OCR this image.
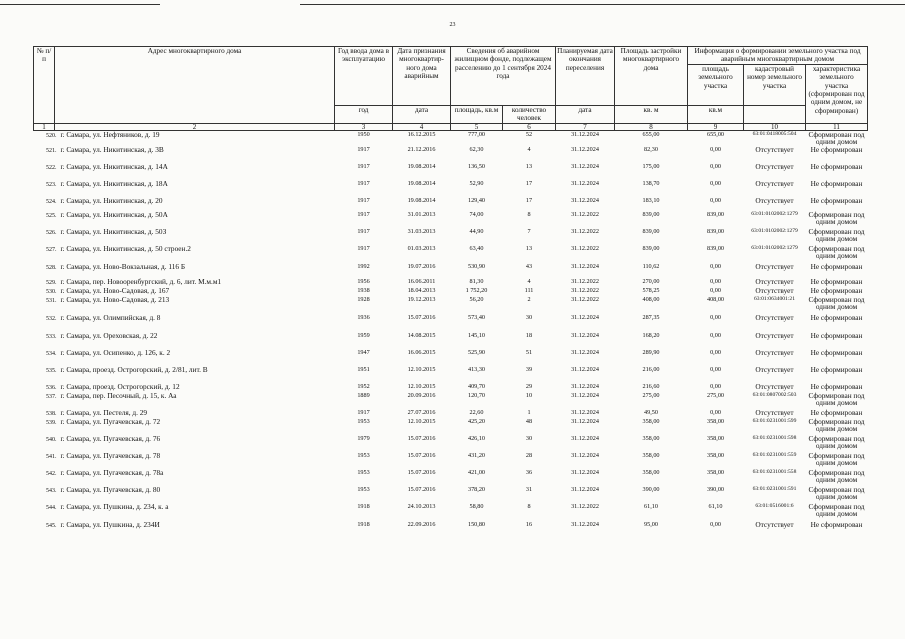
23
№ п/п	Адрес многоквартирного дома	Год ввода дома в эксплуатацию	Дата признания многоквартир-ного дома аварийным	Сведения об аварийном жилищном фонде, подлежащем расселению до 1 сентября 2024 года		Планируемая дата окончания переселения	Площадь застройки многоквартирного дома	Информация о формировании земельного участка под аварийным многоквартирным домом		
								площадь земельного участка	кадастровый номер земельного участка	характеристика земельного участка (сформирован под одним домом, не сформирован)
		год	дата	площадь, кв.м	количество человек	дата	кв. м	кв.м		
1	2	3	4	5	6	7	8	9	10	11
520. г. Самара, ул. Нефтяников, д. 19		1950	16.12.2015	777,00	52	31.12.2024	655,00	655,00	63:01:0418005:504	Сформирован под одним домом
521. г. Самара, ул. Никитинская, д. 3В		1917	21.12.2016	62,30	4	31.12.2024	82,30	0,00	Отсутствует	Не сформирован
522. г. Самара, ул. Никитинская, д. 14А		1917	19.08.2014	136,50	13	31.12.2024	175,00	0,00	Отсутствует	Не сформирован
523. г. Самара, ул. Никитинская, д. 18А		1917	19.08.2014	52,90	17	31.12.2024	138,70	0,00	Отсутствует	Не сформирован
524. г. Самара, ул. Никитинская, д. 20		1917	19.08.2014	129,40	17	31.12.2024	183,10	0,00	Отсутствует	Не сформирован
525. г. Самара, ул. Никитинская, д. 50А		1917	31.01.2013	74,00	8	31.12.2022	839,00	839,00	63:01:0102002:1279	Сформирован под одним домом
526. г. Самара, ул. Никитинская, д. 50З		1917	31.03.2013	44,90	7	31.12.2022	839,00	839,00	63:01:0102002:1279	Сформирован под одним домом
527. г. Самара, ул. Никитинская, д. 50 строен.2		1917	01.03.2013	63,40	13	31.12.2022	839,00	839,00	63:01:0102002:1279	Сформирован под одним домом
528. г. Самара, ул. Ново-Вокзальная, д. 116 Б		1992	19.07.2016	530,90	43	31.12.2024	110,62	0,00	Отсутствует	Не сформирован
529. г. Самара, пер. Новооренбургский, д. 6, лит. М.м.м1		1956	16.06.2011	81,30	4	31.12.2022	270,00	0,00	Отсутствует	Не сформирован
530. г. Самара, ул. Ново-Садовая, д. 167		1938	18.04.2013	1 752,20	111	31.12.2022	578,25	0,00	Отсутствует	Не сформирован
531. г. Самара, ул. Ново-Садовая, д. 213		1928	19.12.2013	56,20	2	31.12.2022	408,00	408,00	63:01:0634001:21	Сформирован под одним домом
532. г. Самара, ул. Олимпийская, д. 8		1936	15.07.2016	573,40	30	31.12.2024	287,35	0,00	Отсутствует	Не сформирован
533. г. Самара, ул. Ореховская, д. 22		1959	14.08.2015	145,10	18	31.12.2024	168,20	0,00	Отсутствует	Не сформирован
534. г. Самара, ул. Осипенко, д. 126, к. 2		1947	16.06.2015	525,90	51	31.12.2024	289,90	0,00	Отсутствует	Не сформирован
535. г. Самара, проезд. Острогорский, д. 2/81, лит. В		1951	12.10.2015	413,30	39	31.12.2024	216,00	0,00	Отсутствует	Не сформирован
536. г. Самара, проезд. Острогорский, д. 12		1952	12.10.2015	409,70	29	31.12.2024	216,60	0,00	Отсутствует	Не сформирован
537. г. Самара, пер. Песочный, д. 15, к. Аа		1889	20.09.2016	120,70	10	31.12.2024	275,00	275,00	63:01:0807002:503	Сформирован под одним домом
538. г. Самара, ул. Пестеля, д. 29		1917	27.07.2016	22,60	1	31.12.2024	49,50	0,00	Отсутствует	Не сформирован
539. г. Самара, ул. Пугачевская, д. 72		1953	12.10.2015	425,20	48	31.12.2024	358,00	358,00	63:01:0231001:599	Сформирован под одним домом
540. г. Самара, ул. Пугачевская, д. 76		1979	15.07.2016	426,10	30	31.12.2024	358,00	358,00	63:01:0231001:598	Сформирован под одним домом
541. г. Самара, ул. Пугачевская, д. 78		1953	15.07.2016	431,20	28	31.12.2024	358,00	358,00	63:01:0231001:559	Сформирован под одним домом
542. г. Самара, ул. Пугачевская, д. 78а		1953	15.07.2016	421,00	36	31.12.2024	358,00	358,00	63:01:0231001:558	Сформирован под одним домом
543. г. Самара, ул. Пугачевская, д. 80		1953	15.07.2016	378,20	31	31.12.2024	390,00	390,00	63:01:0231001:591	Сформирован под одним домом
544. г. Самара, ул. Пушкина, д. 234, к. а		1918	24.10.2013	58,80	8	31.12.2022	61,10	61,10	63:01:0516001:6	Сформирован под одним домом
545. г. Самара, ул. Пушкина, д. 234И		1918	22.09.2016	150,80	16	31.12.2024	95,00	0,00	Отсутствует	Не сформирован
